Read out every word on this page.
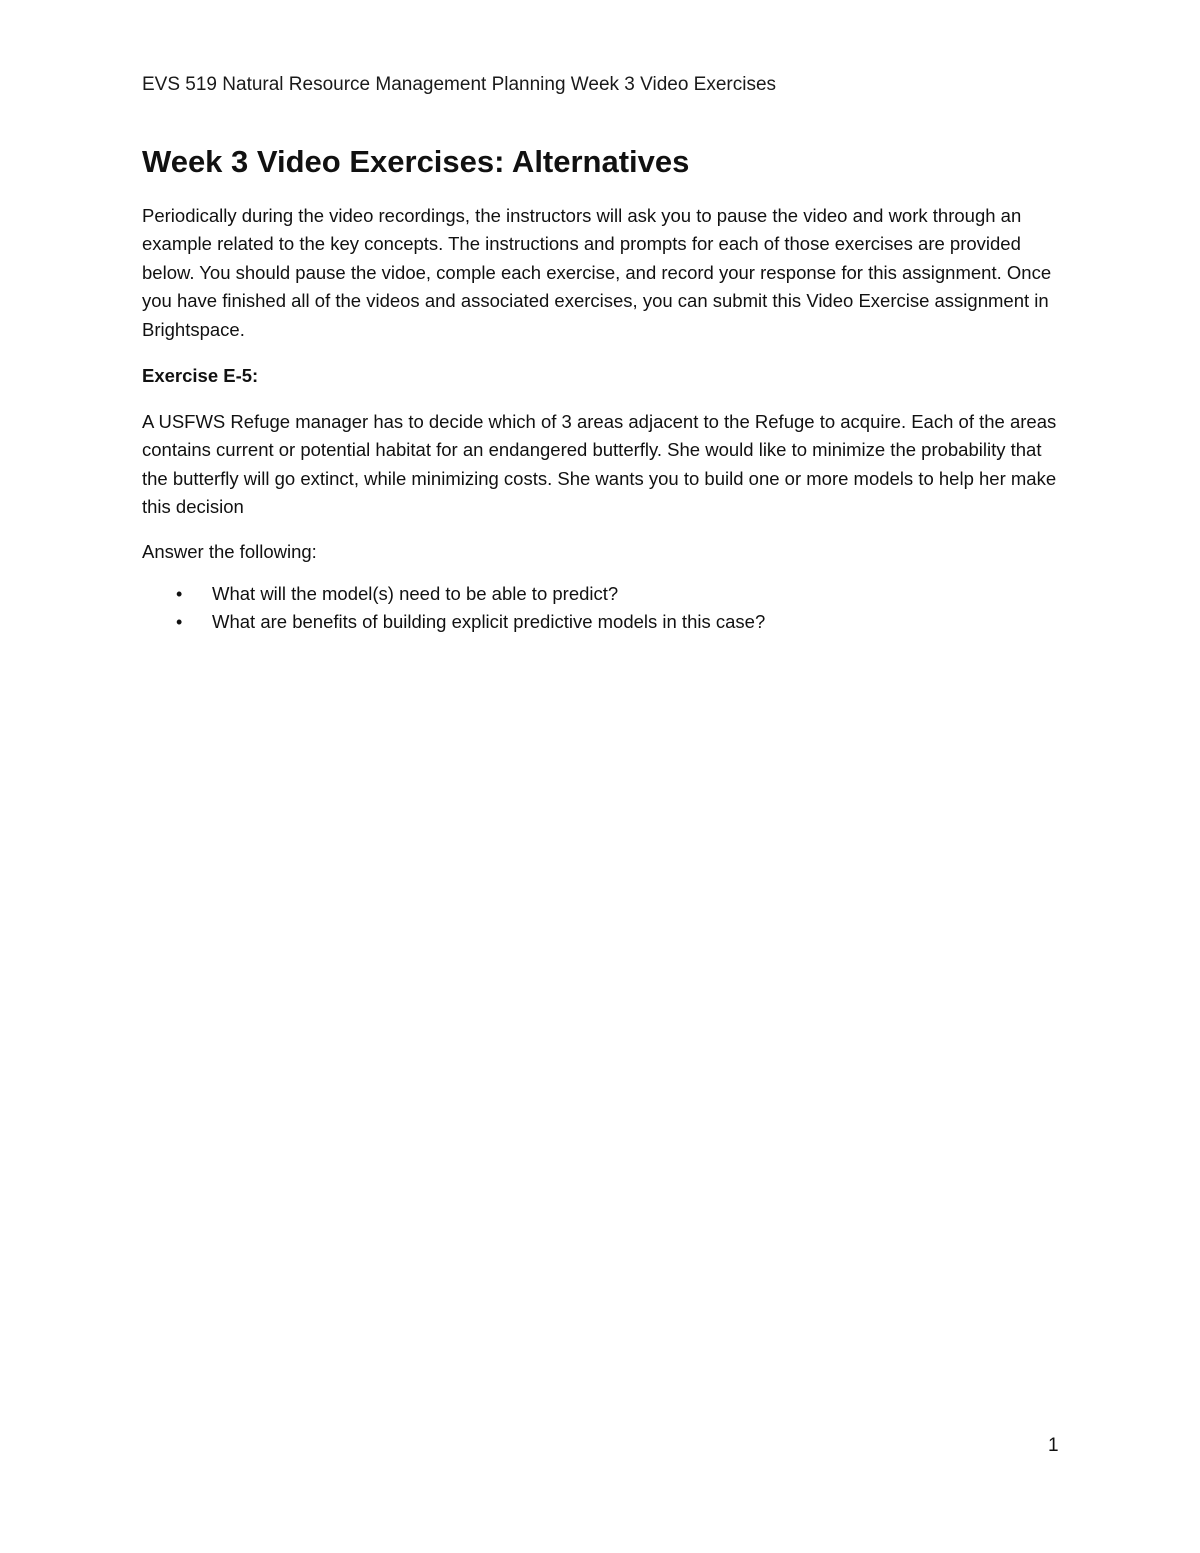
EVS 519 Natural Resource Management Planning Week 3 Video Exercises
Week 3 Video Exercises: Alternatives

Periodically during the video recordings, the instructors will ask you to pause the video and work through an example related to the key concepts. The instructions and prompts for each of those exercises are provided below. You should pause the vidoe, comple each exercise, and record your response for this assignment. Once you have finished all of the videos and associated exercises, you can submit this Video Exercise assignment in Brightspace.

Exercise E-5:

A USFWS Refuge manager has to decide which of 3 areas adjacent to the Refuge to acquire. Each of the areas contains current or potential habitat for an endangered butterfly. She would like to minimize the probability that the butterfly will go extinct, while minimizing costs. She wants you to build one or more models to help her make this decision

Answer the following:

• What will the model(s) need to be able to predict?
• What are benefits of building explicit predictive models in this case?
1
